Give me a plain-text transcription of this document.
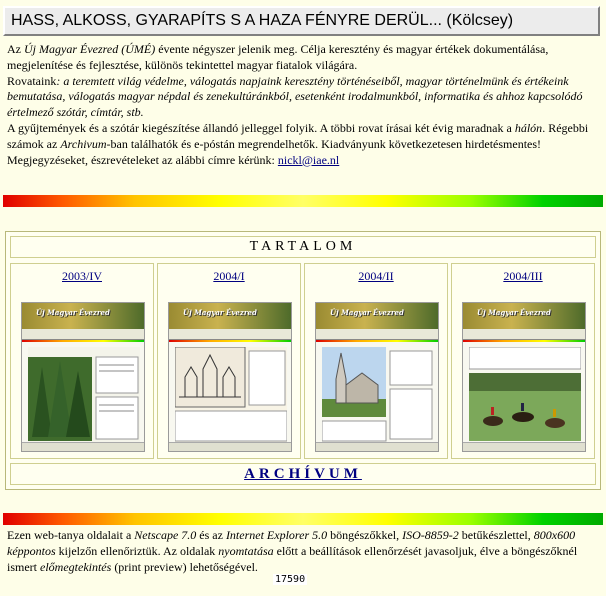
HASS, ALKOSS, GYARAPÍTS S A HAZA FÉNYRE DERÜL... (Kölcsey)

Az Új Magyar Évezred (ÚMÉ) évente négyszer jelenik meg. Célja keresztény és magyar értékek dokumentálása, megjelenítése és fejlesztése, különös tekintettel magyar fiatalok világára.

Rovataink: a teremtett világ védelme, válogatás napjaink keresztény történéseiből, magyar történelmünk és értékeink bemutatása, válogatás magyar népdal és zenekultúránkból, esetenként irodalmunkból, informatika és ahhoz kapcsolódó értelmező szótár, címtár, stb.

A gyűjtemények és a szótár kiegészítése állandó jelleggel folyik. A többi rovat írásai két évig maradnak a hálón. Régebbi számok az Archivum-ban találhatók és e-póstán megrendelhetők. Kiadványunk következetesen hirdetésmentes! Megjegyzéseket, észrevételeket az alábbi címre kérünk: nickl@iae.nl

TARTALOM
2003/IV
Új Magyar Évezred
2004/I
Új Magyar Évezred
2004/II
Új Magyar Évezred
2004/III
Új Magyar Évezred
ARCHÍVUM

Ezen web-tanya oldalait a Netscape 7.0 és az Internet Explorer 5.0 böngészőkkel, ISO-8859-2 betűkészlettel, 800x600 képpontos kijelzőn ellenőriztük. Az oldalak nyomtatása előtt a beállítások ellenőrzését javasoljuk, élve a böngészőknél ismert előmegtekintés (print preview) lehetőségével.

17590
